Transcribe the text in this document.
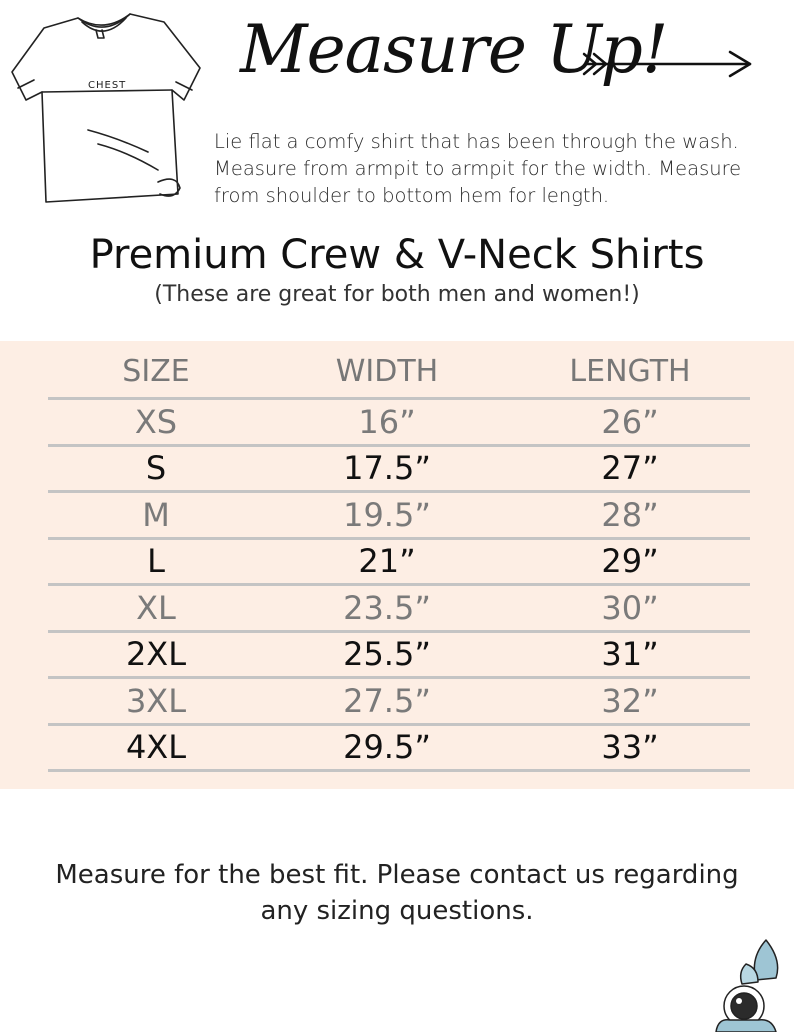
CHEST Measure Up!
Lie flat a comfy shirt that has been through the wash. Measure from armpit to armpit for the width. Measure from shoulder to bottom hem for length.
Premium Crew & V-Neck Shirts
(These are great for both men and women!)
SIZE	WIDTH	LENGTH
XS	16”	26”
S	17.5”	27”
M	19.5”	28”
L	21”	29”
XL	23.5”	30”
2XL	25.5”	31”
3XL	27.5”	32”
4XL	29.5”	33”
Measure for the best fit. Please contact us regarding
any sizing questions.
